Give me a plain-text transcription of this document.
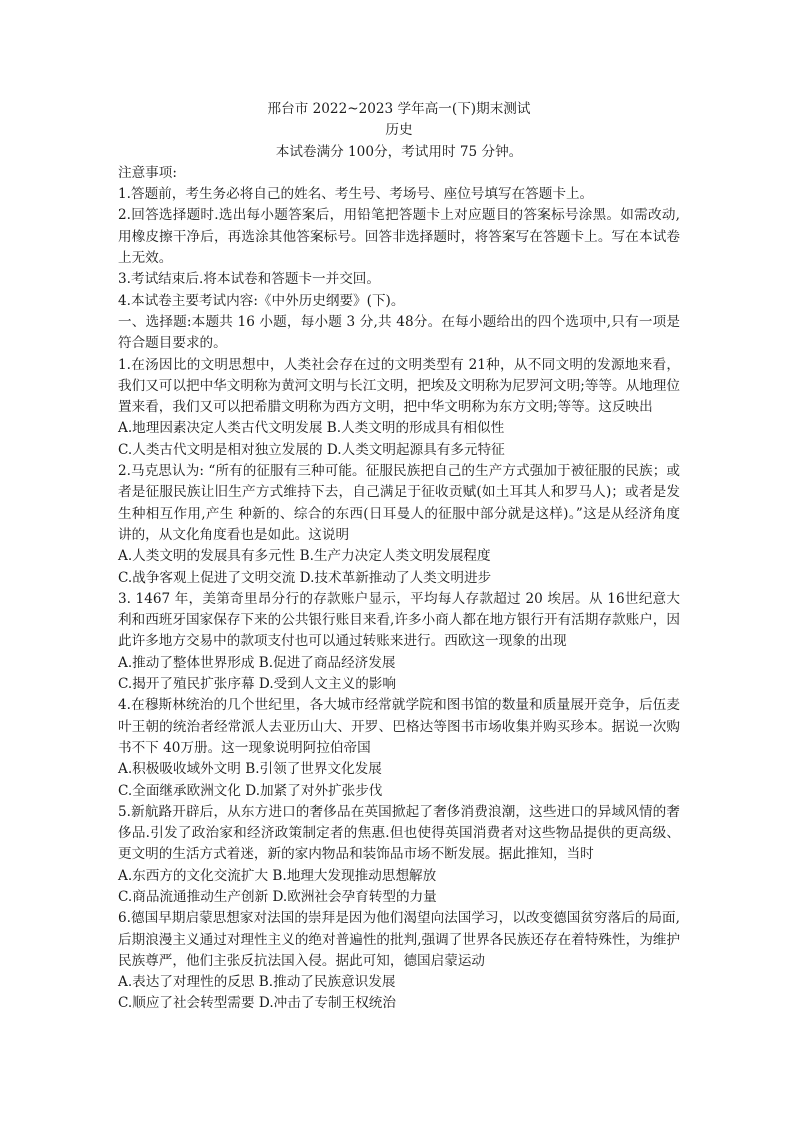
邢台市 2022~2023 学年高一(下)期末测试
历史
本试卷满分 100分，考试用时 75 分钟。
注意事项:
1.答题前，考生务必将自己的姓名、考生号、考场号、座位号填写在答题卡上。
2.回答选择题时.选出每小题答案后，用铅笔把答题卡上对应题目的答案标号涂黑。如需改动,用橡皮擦干净后，再选涂其他答案标号。回答非选择题时，将答案写在答题卡上。写在本试卷上无效。
3.考试结束后.将本试卷和答题卡一并交回。
4.本试卷主要考试内容:《中外历史纲要》(下)。
一、选择题:本题共 16 小题，每小题 3 分,共 48分。在每小题给出的四个选项中,只有一项是符合题目要求的。
1.在汤因比的文明思想中，人类社会存在过的文明类型有 21种，从不同文明的发源地来看，我们又可以把中华文明称为黄河文明与长江文明，把埃及文明称为尼罗河文明;等等。从地理位置来看，我们又可以把希腊文明称为西方文明，把中华文明称为东方文明;等等。这反映出
A.地理因素决定人类古代文明发展 B.人类文明的形成具有相似性
C.人类古代文明是相对独立发展的 D.人类文明起源具有多元特征
2.马克思认为: “所有的征服有三种可能。征服民族把自己的生产方式强加于被征服的民族；或者是征服民族让旧生产方式维持下去，自己满足于征收贡赋(如土耳其人和罗马人)；或者是发生种相互作用,产生 种新的、综合的东西(日耳曼人的征服中部分就是这样)。”这是从经济角度讲的，从文化角度看也是如此。这说明
A.人类文明的发展具有多元性 B.生产力决定人类文明发展程度
C.战争客观上促进了文明交流 D.技术革新推动了人类文明进步
3. 1467 年，美第奇里昂分行的存款账户显示，平均每人存款超过 20 埃居。从 16世纪意大利和西班牙国家保存下来的公共银行账目来看,许多小商人都在地方银行开有活期存款账户，因此许多地方交易中的款项支付也可以通过转账来进行。西欧这一现象的出现
A.推动了整体世界形成 B.促进了商品经济发展
C.揭开了殖民扩张序幕 D.受到人文主义的影响
4.在穆斯林统治的几个世纪里，各大城市经常就学院和图书馆的数量和质量展开竞争，后伍麦叶王朝的统治者经常派人去亚历山大、开罗、巴格达等图书市场收集并购买珍本。据说一次购书不下 40万册。这一现象说明阿拉伯帝国
A.积极吸收域外文明 B.引领了世界文化发展
C.全面继承欧洲文化 D.加紧了对外扩张步伐
5.新航路开辟后，从东方进口的奢侈品在英国掀起了奢侈消费浪潮，这些进口的异域风情的奢侈品.引发了政治家和经济政策制定者的焦惠.但也使得英国消费者对这些物品提供的更高级、更文明的生活方式着迷，新的家内物品和装饰品市场不断发展。据此推知，当时
A.东西方的文化交流扩大 B.地理大发现推动思想解放
C.商品流通推动生产创新 D.欧洲社会孕育转型的力量
6.德国早期启蒙思想家对法国的崇拜是因为他们渴望向法国学习，以改变德国贫穷落后的局面,后期浪漫主义通过对理性主义的绝对普遍性的批判,强调了世界各民族还存在着特殊性，为维护民族尊严，他们主张反抗法国入侵。据此可知，德国启蒙运动
A.表达了对理性的反思 B.推动了民族意识发展
C.顺应了社会转型需要 D.冲击了专制王权统治
